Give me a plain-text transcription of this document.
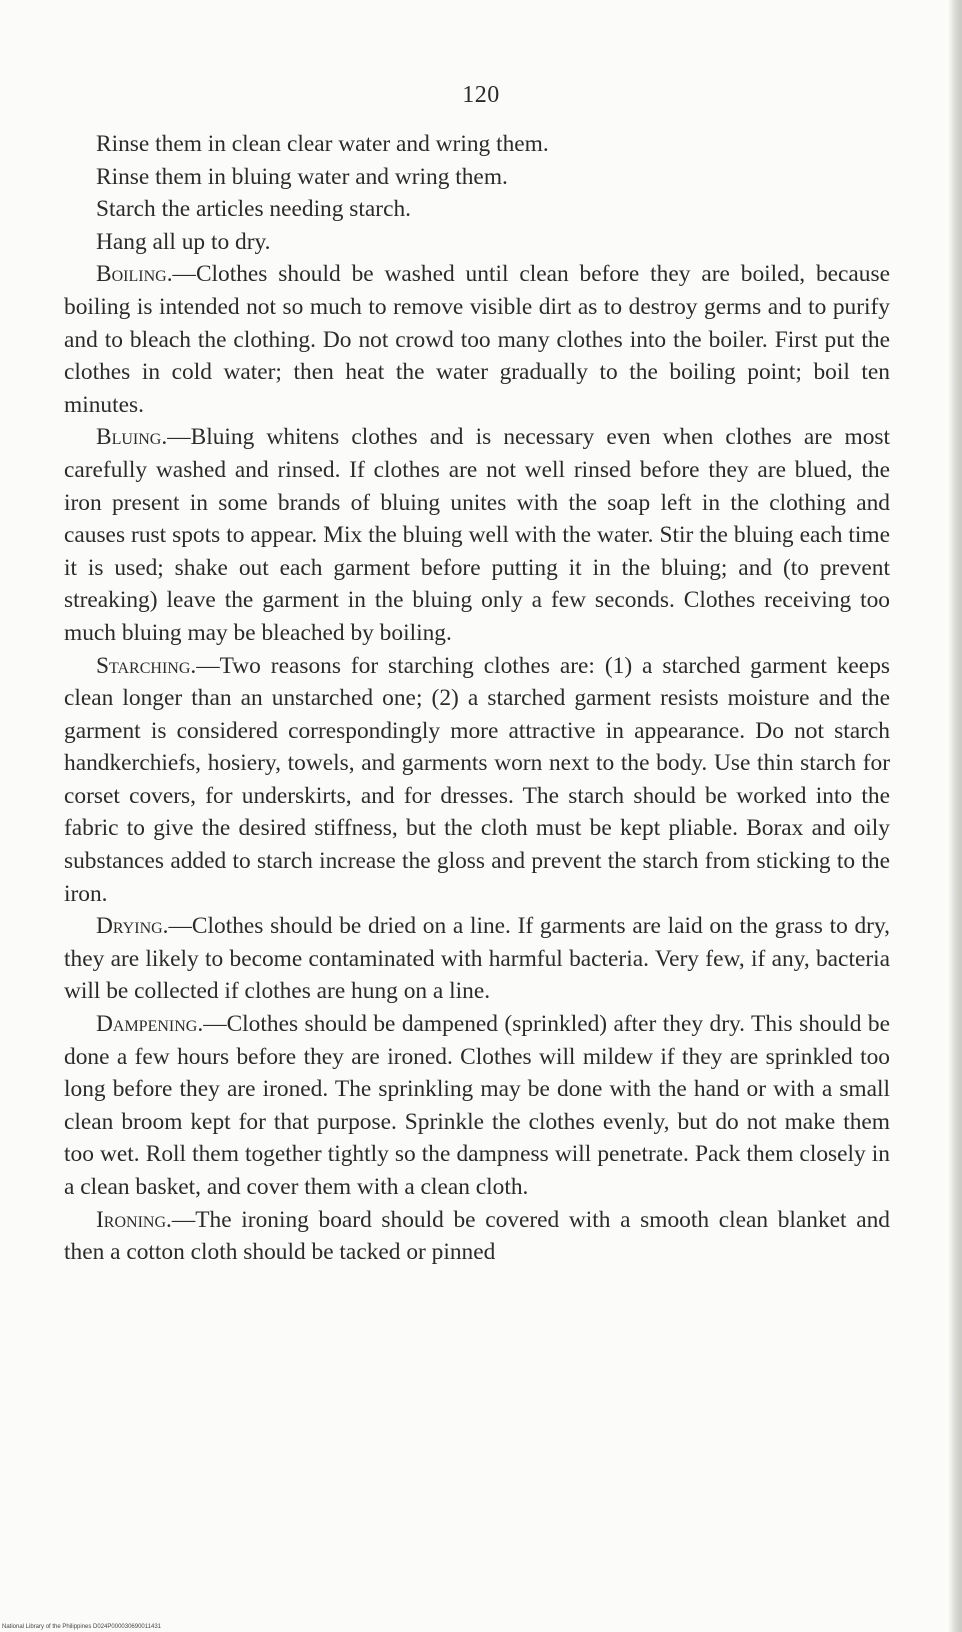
120

Rinse them in clean clear water and wring them.

Rinse them in bluing water and wring them.

Starch the articles needing starch.

Hang all up to dry.

Boiling.—Clothes should be washed until clean before they are boiled, because boiling is intended not so much to remove visible dirt as to destroy germs and to purify and to bleach the clothing. Do not crowd too many clothes into the boiler. First put the clothes in cold water; then heat the water gradually to the boiling point; boil ten minutes.

Bluing.—Bluing whitens clothes and is necessary even when clothes are most carefully washed and rinsed. If clothes are not well rinsed before they are blued, the iron present in some brands of bluing unites with the soap left in the clothing and causes rust spots to appear. Mix the bluing well with the water. Stir the bluing each time it is used; shake out each garment before putting it in the bluing; and (to prevent streaking) leave the garment in the bluing only a few seconds. Clothes receiving too much bluing may be bleached by boiling.

Starching.—Two reasons for starching clothes are: (1) a starched garment keeps clean longer than an unstarched one; (2) a starched garment resists moisture and the garment is considered correspondingly more attractive in appearance. Do not starch handkerchiefs, hosiery, towels, and garments worn next to the body. Use thin starch for corset covers, for underskirts, and for dresses. The starch should be worked into the fabric to give the desired stiffness, but the cloth must be kept pliable. Borax and oily substances added to starch increase the gloss and prevent the starch from sticking to the iron.

Drying.—Clothes should be dried on a line. If garments are laid on the grass to dry, they are likely to become contaminated with harmful bacteria. Very few, if any, bacteria will be collected if clothes are hung on a line.

Dampening.—Clothes should be dampened (sprinkled) after they dry. This should be done a few hours before they are ironed. Clothes will mildew if they are sprinkled too long before they are ironed. The sprinkling may be done with the hand or with a small clean broom kept for that purpose. Sprinkle the clothes evenly, but do not make them too wet. Roll them together tightly so the dampness will penetrate. Pack them closely in a clean basket, and cover them with a clean cloth.

Ironing.—The ironing board should be covered with a smooth clean blanket and then a cotton cloth should be tacked or pinned

National Library of the Philippines D024P000030690011431
